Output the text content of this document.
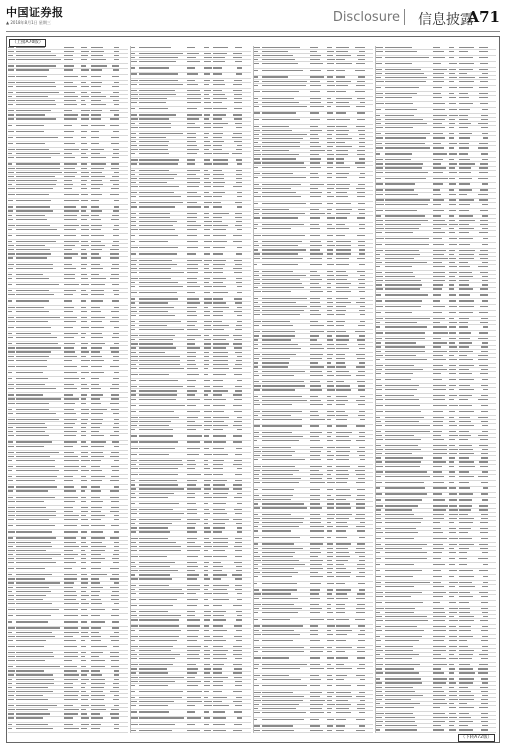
中国证券报
▲ 2018年8月1日 星期三	Disclosure 信息披露
A71
（上接A70版）
（下转A72版）
